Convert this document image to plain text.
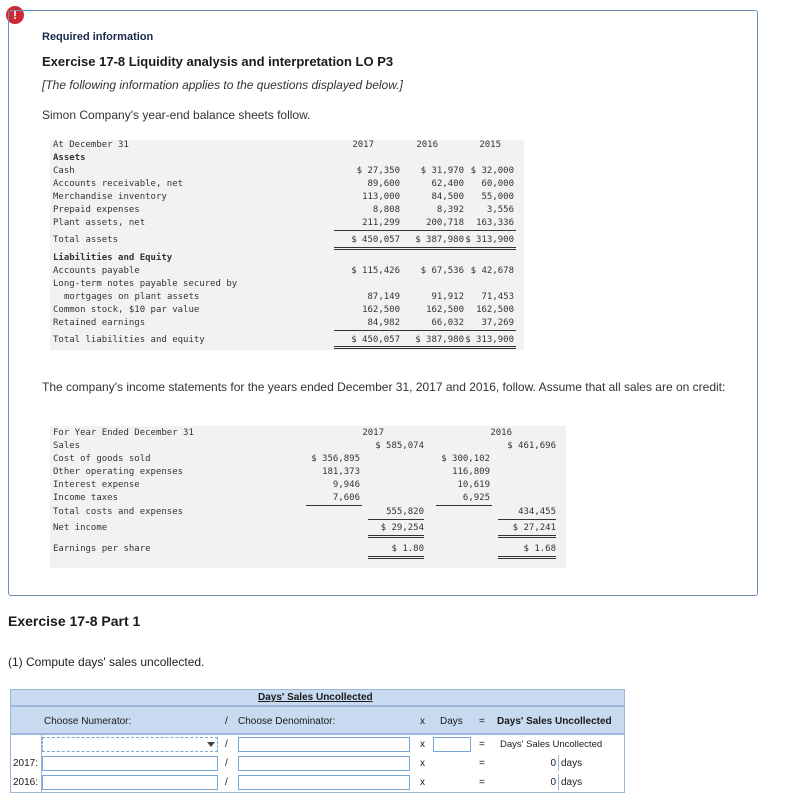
!
Required information
Exercise 17-8 Liquidity analysis and interpretation LO P3
[The following information applies to the questions displayed below.]
Simon Company's year-end balance sheets follow.
At December 31	2017	2016	2015
Assets
Cash	$ 27,350	$ 31,970 $ 32,000
Accounts receivable, net	89,600	62,400	60,000
Merchandise inventory	113,000	84,500	55,000
Prepaid expenses	8,808	8,392	3,556
Plant assets, net	211,299	200,718	163,336
Total assets	$ 450,057	$ 387,980 $ 313,900
Liabilities and Equity
Accounts payable	$ 115,426	$ 67,536 $ 42,678
Long-term notes payable secured by
mortgages on plant assets	87,149	91,912	71,453
Common stock, $10 par value	162,500	162,500	162,500
Retained earnings	84,982	66,032	37,269
Total liabilities and equity	$ 450,057	$ 387,980 $ 313,900
The company's income statements for the years ended December 31, 2017 and 2016, follow. Assume that all sales are on credit:
For Year Ended December 31	2017	2016
Sales	$ 585,074	$ 461,696
Cost of goods sold	$ 356,895	$ 300,102
Other operating expenses	181,373	116,809
Interest expense	9,946	10,619
Income taxes	7,606	6,925
Total costs and expenses	555,820	434,455
Net income	$ 29,254	$ 27,241
Earnings per share	$ 1.80	$ 1.68
Exercise 17-8 Part 1
(1) Compute days' sales uncollected.
Days' Sales Uncollected
Choose Numerator:	/ Choose Denominator:	x Days = Days' Sales Uncollected
/	x	= Days' Sales Uncollected
2017:	/	x	=	0 days
2016:	/	x	=	0 days
